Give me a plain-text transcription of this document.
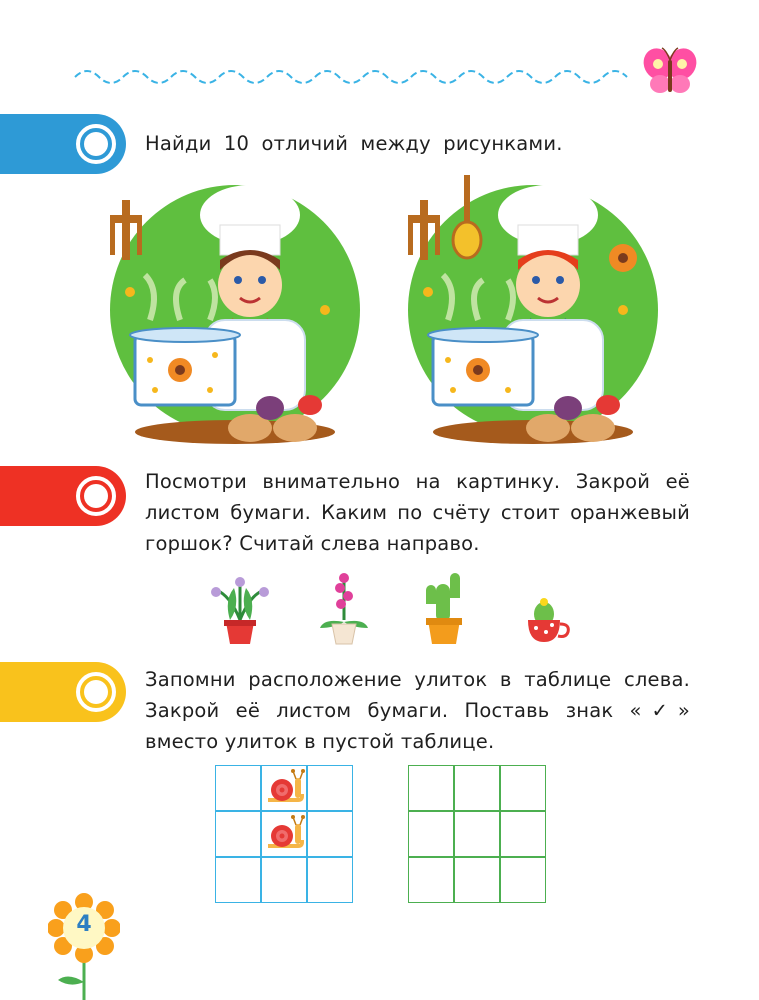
Найди 10 отличий между рисунками.
Посмотри внимательно на картинку. Закрой её листом бумаги. Каким по счёту стоит оранжевый горшок? Считай слева направо.
Запомни расположение улиток в таблице слева. Закрой её листом бумаги. Поставь знак «✓» вместо улиток в пустой таблице.
4
